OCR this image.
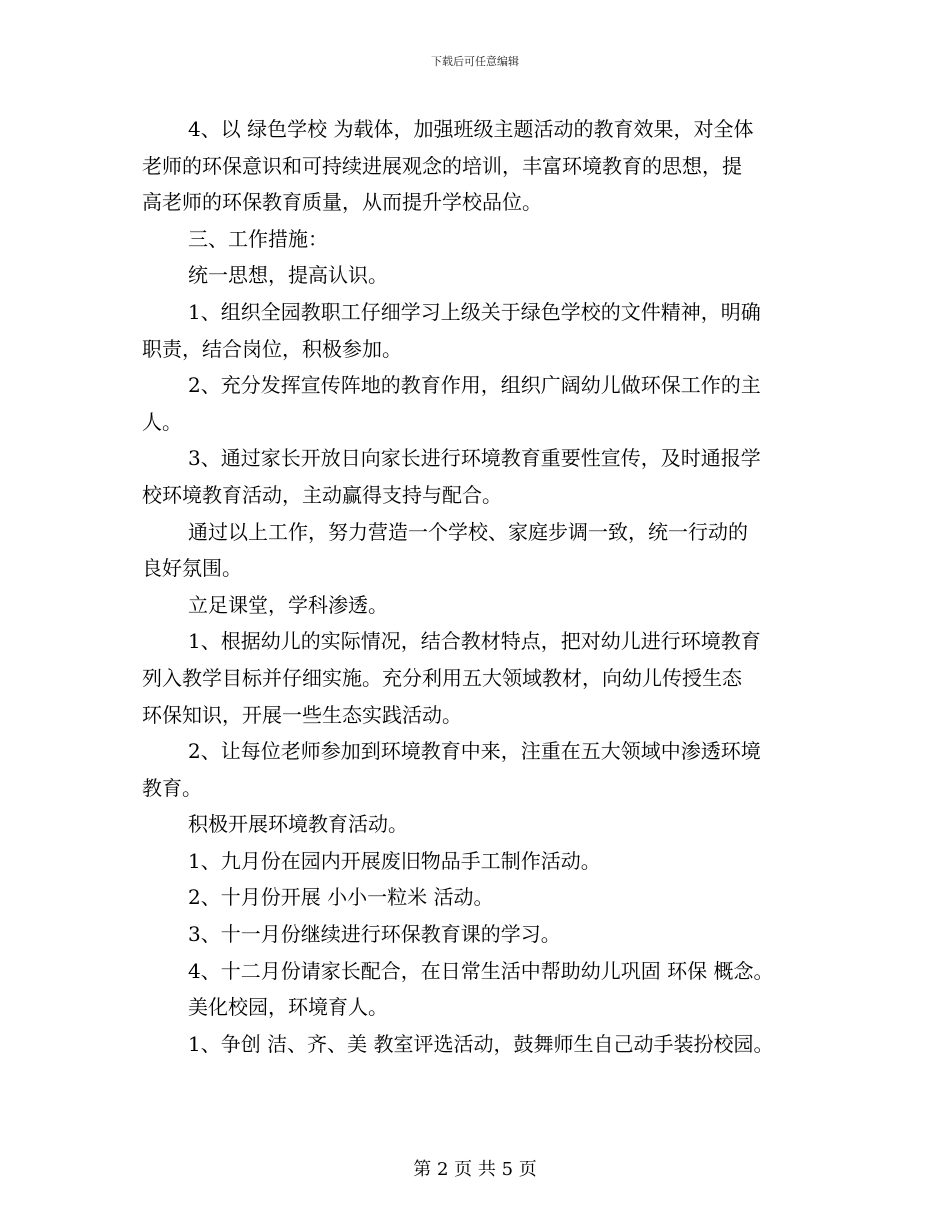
下载后可任意编辑
4、以 绿色学校 为载体，加强班级主题活动的教育效果，对全体
老师的环保意识和可持续进展观念的培训，丰富环境教育的思想，提
高老师的环保教育质量，从而提升学校品位。
三、工作措施：
统一思想，提高认识。
1、组织全园教职工仔细学习上级关于绿色学校的文件精神，明确
职责，结合岗位，积极参加。
2、充分发挥宣传阵地的教育作用，组织广阔幼儿做环保工作的主
人。
3、通过家长开放日向家长进行环境教育重要性宣传，及时通报学
校环境教育活动，主动赢得支持与配合。
通过以上工作，努力营造一个学校、家庭步调一致，统一行动的
良好氛围。
立足课堂，学科渗透。
1、根据幼儿的实际情况，结合教材特点，把对幼儿进行环境教育
列入教学目标并仔细实施。充分利用五大领域教材，向幼儿传授生态
环保知识，开展一些生态实践活动。
2、让每位老师参加到环境教育中来，注重在五大领域中渗透环境
教育。
积极开展环境教育活动。
1、九月份在园内开展废旧物品手工制作活动。
2、十月份开展 小小一粒米 活动。
3、十一月份继续进行环保教育课的学习。
4、十二月份请家长配合，在日常生活中帮助幼儿巩固 环保 概念。
美化校园，环境育人。
1、争创 洁、齐、美 教室评选活动，鼓舞师生自己动手装扮校园。
第 2 页 共 5 页
